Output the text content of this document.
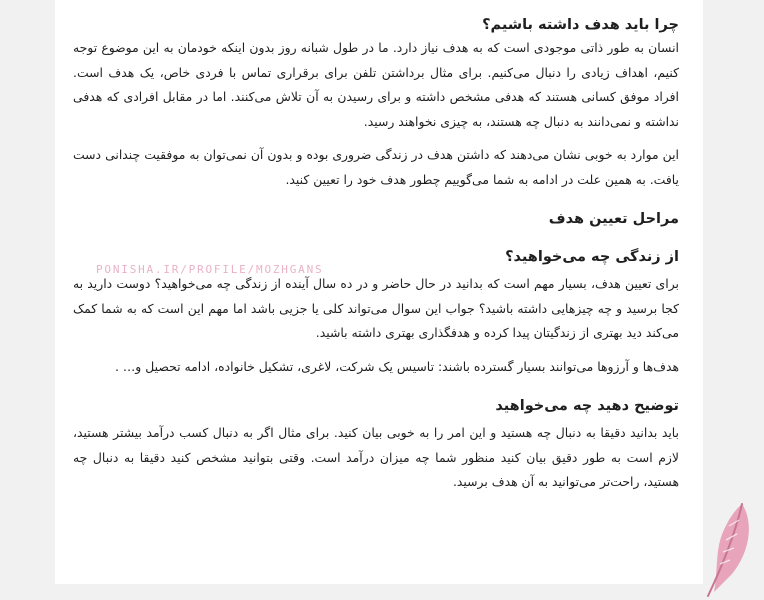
چرا باید هدف داشته باشیم؟

انسان به طور ذاتی موجودی است که به هدف نیاز دارد. ما در طول شبانه روز بدون اینکه خودمان به این موضوع توجه کنیم، اهداف زیادی را دنبال می‌کنیم. برای مثال برداشتن تلفن برای برقراری تماس با فردی خاص، یک هدف است. افراد موفق کسانی هستند که هدفی مشخص داشته و برای رسیدن به آن تلاش می‌کنند. اما در مقابل افرادی که هدفی نداشته و نمی‌دانند به دنبال چه هستند، به چیزی نخواهند رسید.

این موارد به خوبی نشان می‌دهند که داشتن هدف در زندگی ضروری بوده و بدون آن نمی‌توان به موفقیت چندانی دست یافت. به همین علت در ادامه به شما می‌گوییم چطور هدف خود را تعیین کنید.

مراحل تعیین هدف
از زندگی چه می‌خواهید؟

برای تعیین هدف، بسیار مهم است که بدانید در حال حاضر و در ده سال آینده از زندگی چه می‌خواهید؟ دوست دارید به کجا برسید و چه چیزهایی داشته باشید؟ جواب این سوال می‌تواند کلی یا جزیی باشد اما مهم این است که به شما کمک می‌کند دید بهتری از زندگیتان پیدا کرده و هدفگذاری بهتری داشته باشید.

هدف‌ها و آرزوها می‌توانند بسیار گسترده باشند: تاسیس یک شرکت، لاغری، تشکیل خانواده، ادامه تحصیل و… .

توضیح دهید چه می‌خواهید

باید بدانید دقیقا به دنبال چه هستید و این امر را به خوبی بیان کنید. برای مثال اگر به دنبال کسب درآمد بیشتر هستید، لازم است به طور دقیق بیان کنید منظور شما چه میزان درآمد است. وقتی بتوانید مشخص کنید دقیقا به دنبال چه هستید، راحت‌تر می‌توانید به آن هدف برسید.

PONISHA.IR/PROFILE/MOZHGANS
